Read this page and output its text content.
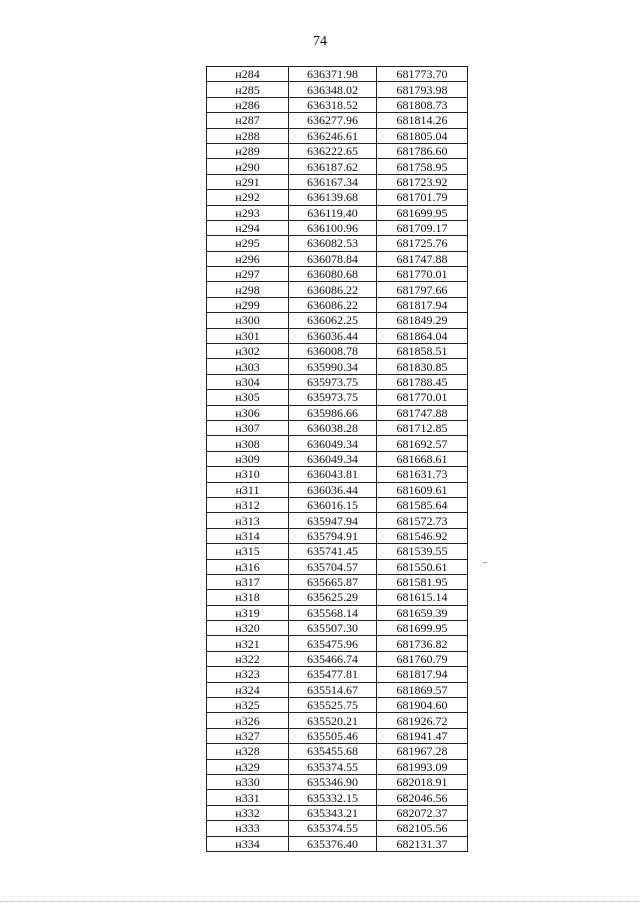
74
н284	636371.98	681773.70
н285	636348.02	681793.98
н286	636318.52	681808.73
н287	636277.96	681814.26
н288	636246.61	681805.04
н289	636222.65	681786.60
н290	636187.62	681758.95
н291	636167.34	681723.92
н292	636139.68	681701.79
н293	636119.40	681699.95
н294	636100.96	681709.17
н295	636082.53	681725.76
н296	636078.84	681747.88
н297	636080.68	681770.01
н298	636086.22	681797.66
н299	636086.22	681817.94
н300	636062.25	681849.29
н301	636036.44	681864.04
н302	636008.78	681858.51
н303	635990.34	681830.85
н304	635973.75	681788.45
н305	635973.75	681770.01
н306	635986.66	681747.88
н307	636038.28	681712.85
н308	636049.34	681692.57
н309	636049.34	681668.61
н310	636043.81	681631.73
н311	636036.44	681609.61
н312	636016.15	681585.64
н313	635947.94	681572.73
н314	635794.91	681546.92
н315	635741.45	681539.55
н316	635704.57	681550.61
н317	635665.87	681581.95
н318	635625.29	681615.14
н319	635568.14	681659.39
н320	635507.30	681699.95
н321	635475.96	681736.82
н322	635466.74	681760.79
н323	635477.81	681817.94
н324	635514.67	681869.57
н325	635525.75	681904.60
н326	635520.21	681926.72
н327	635505.46	681941.47
н328	635455.68	681967.28
н329	635374.55	681993.09
н330	635346.90	682018.91
н331	635332.15	682046.56
н332	635343.21	682072.37
н333	635374.55	682105.56
н334	635376.40	682131.37
